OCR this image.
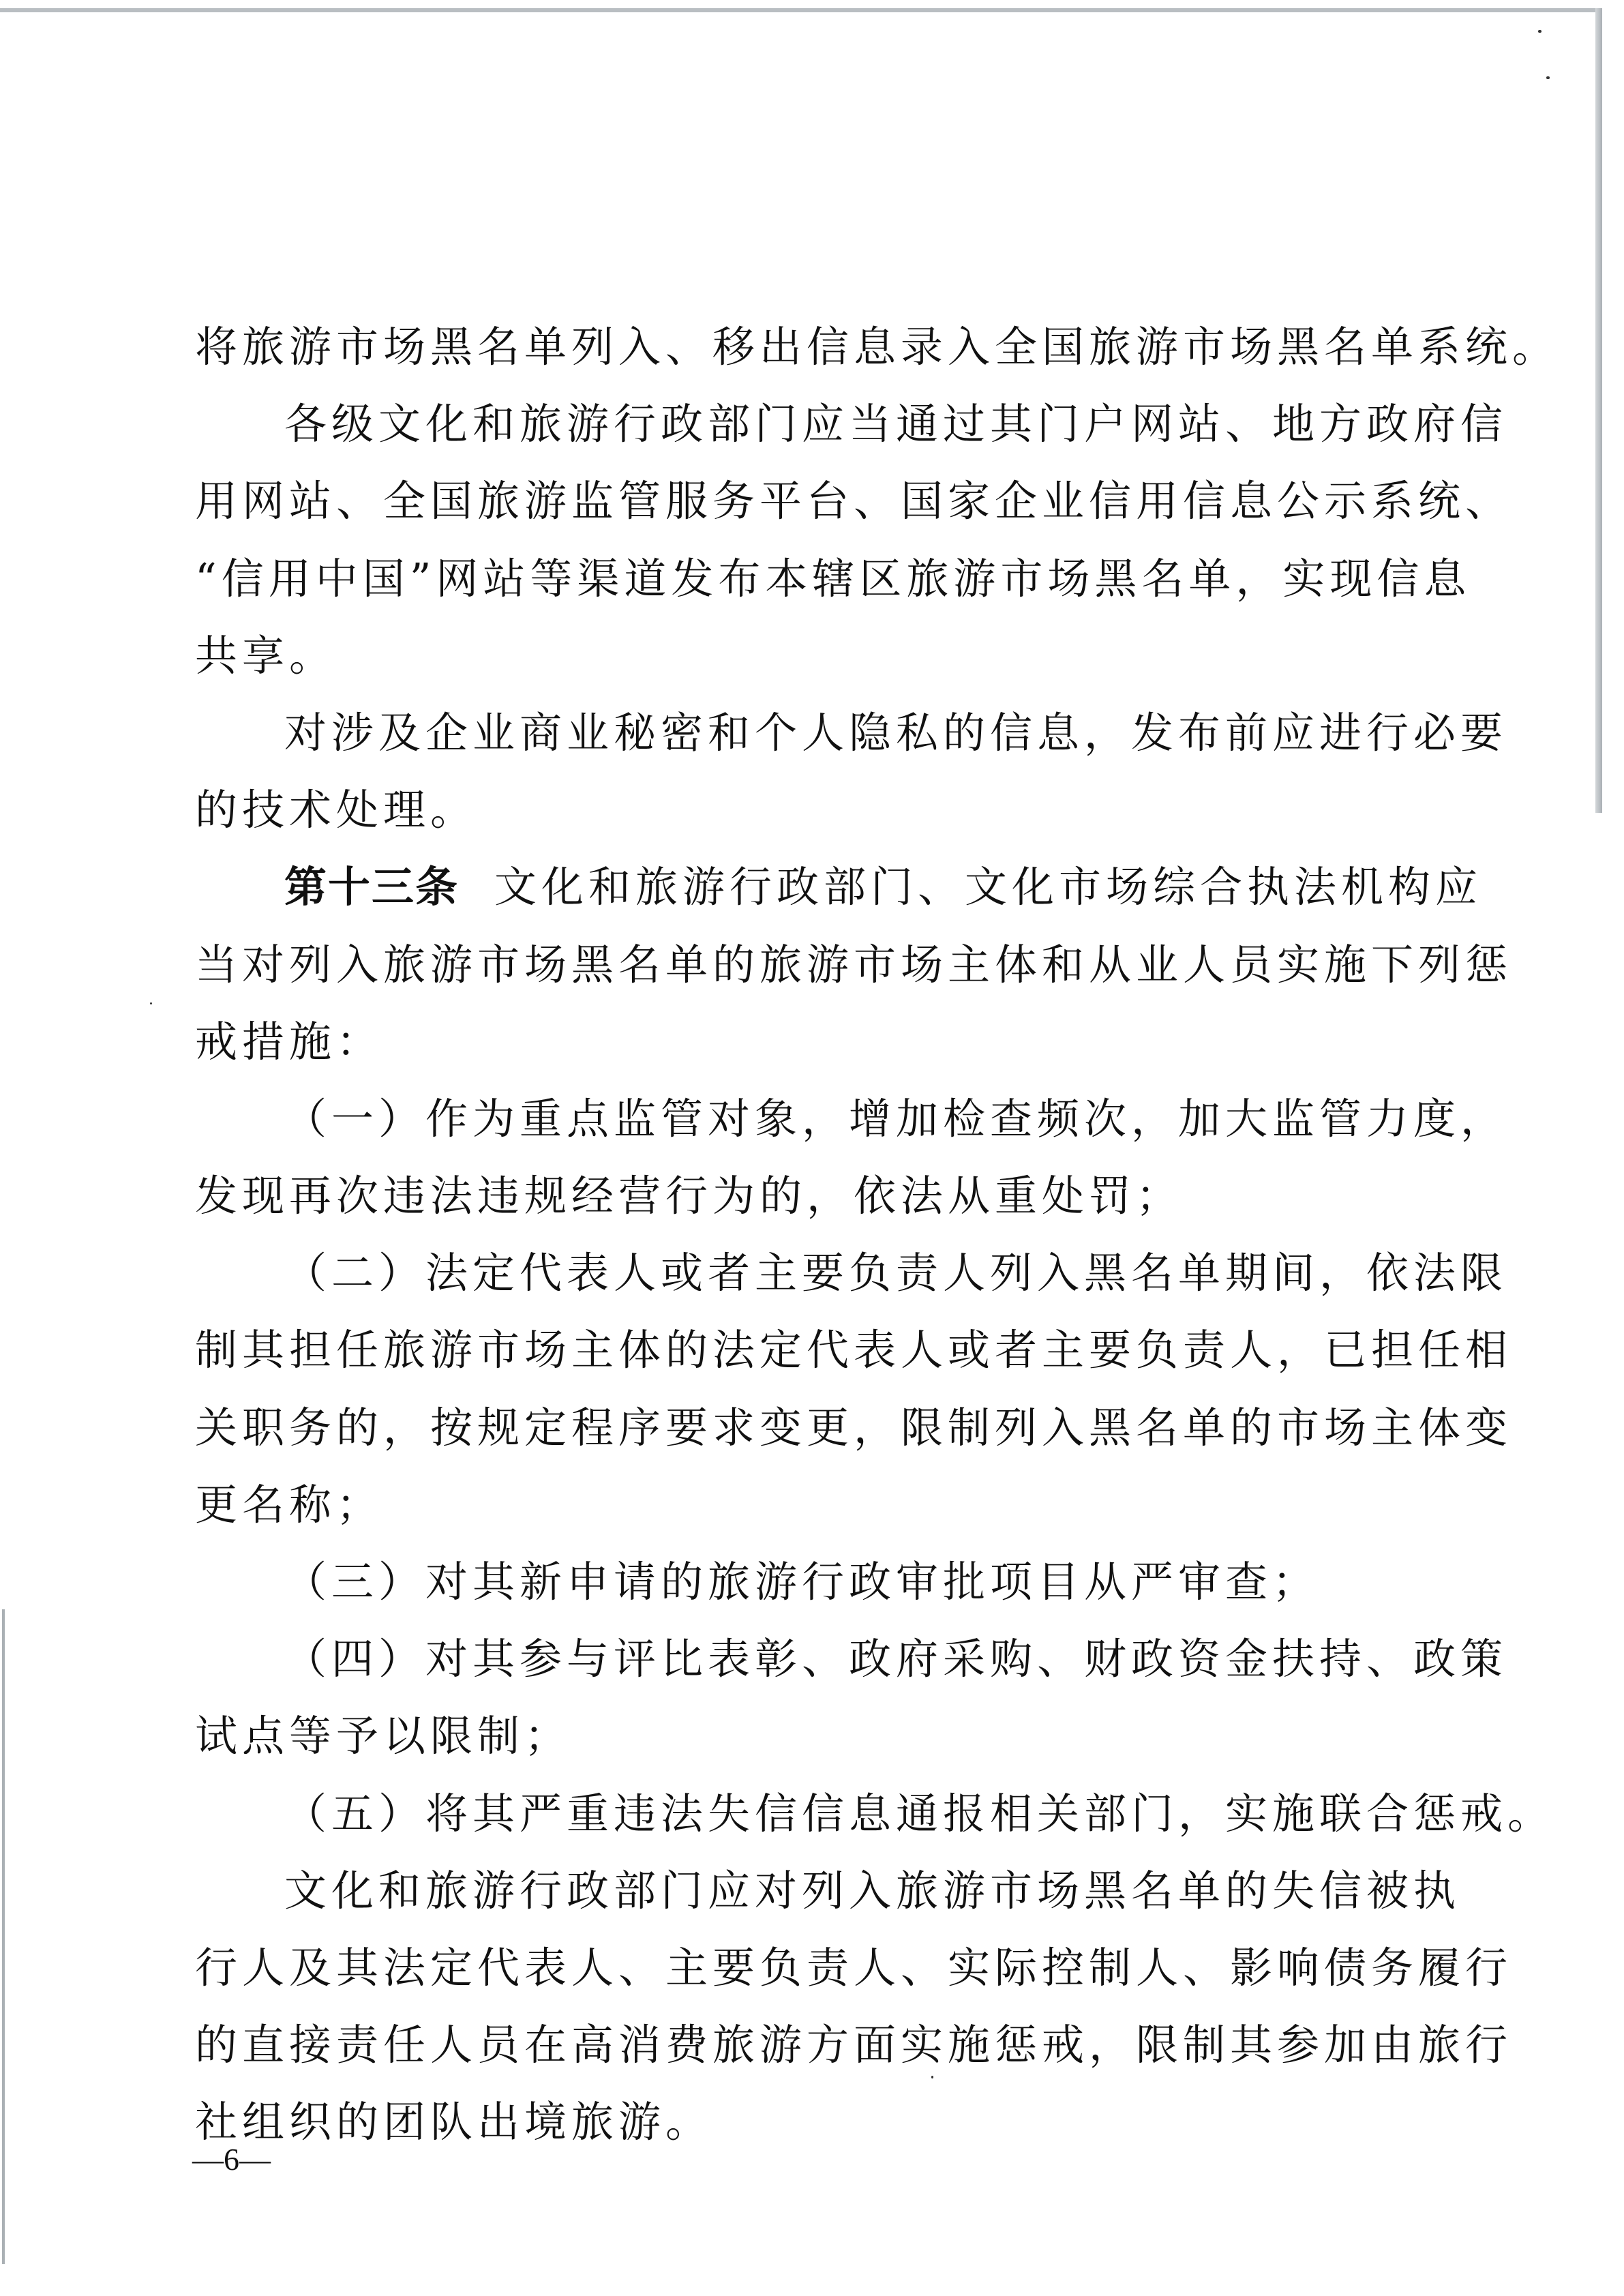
将旅游市场黑名单列入、移出信息录入全国旅游市场黑名单系统。
各级文化和旅游行政部门应当通过其门户网站、地方政府信
用网站、全国旅游监管服务平台、国家企业信用信息公示系统、
“信用中国”网站等渠道发布本辖区旅游市场黑名单，实现信息
共享。
对涉及企业商业秘密和个人隐私的信息，发布前应进行必要
的技术处理。
第十三条 文化和旅游行政部门、文化市场综合执法机构应
当对列入旅游市场黑名单的旅游市场主体和从业人员实施下列惩
戒措施：
（一）作为重点监管对象，增加检查频次，加大监管力度，
发现再次违法违规经营行为的，依法从重处罚；
（二）法定代表人或者主要负责人列入黑名单期间，依法限
制其担任旅游市场主体的法定代表人或者主要负责人，已担任相
关职务的，按规定程序要求变更，限制列入黑名单的市场主体变
更名称；
（三）对其新申请的旅游行政审批项目从严审查；
（四）对其参与评比表彰、政府采购、财政资金扶持、政策
试点等予以限制；
（五）将其严重违法失信信息通报相关部门，实施联合惩戒。
文化和旅游行政部门应对列入旅游市场黑名单的失信被执
行人及其法定代表人、主要负责人、实际控制人、影响债务履行
的直接责任人员在高消费旅游方面实施惩戒，限制其参加由旅行
社组织的团队出境旅游。
—6—
